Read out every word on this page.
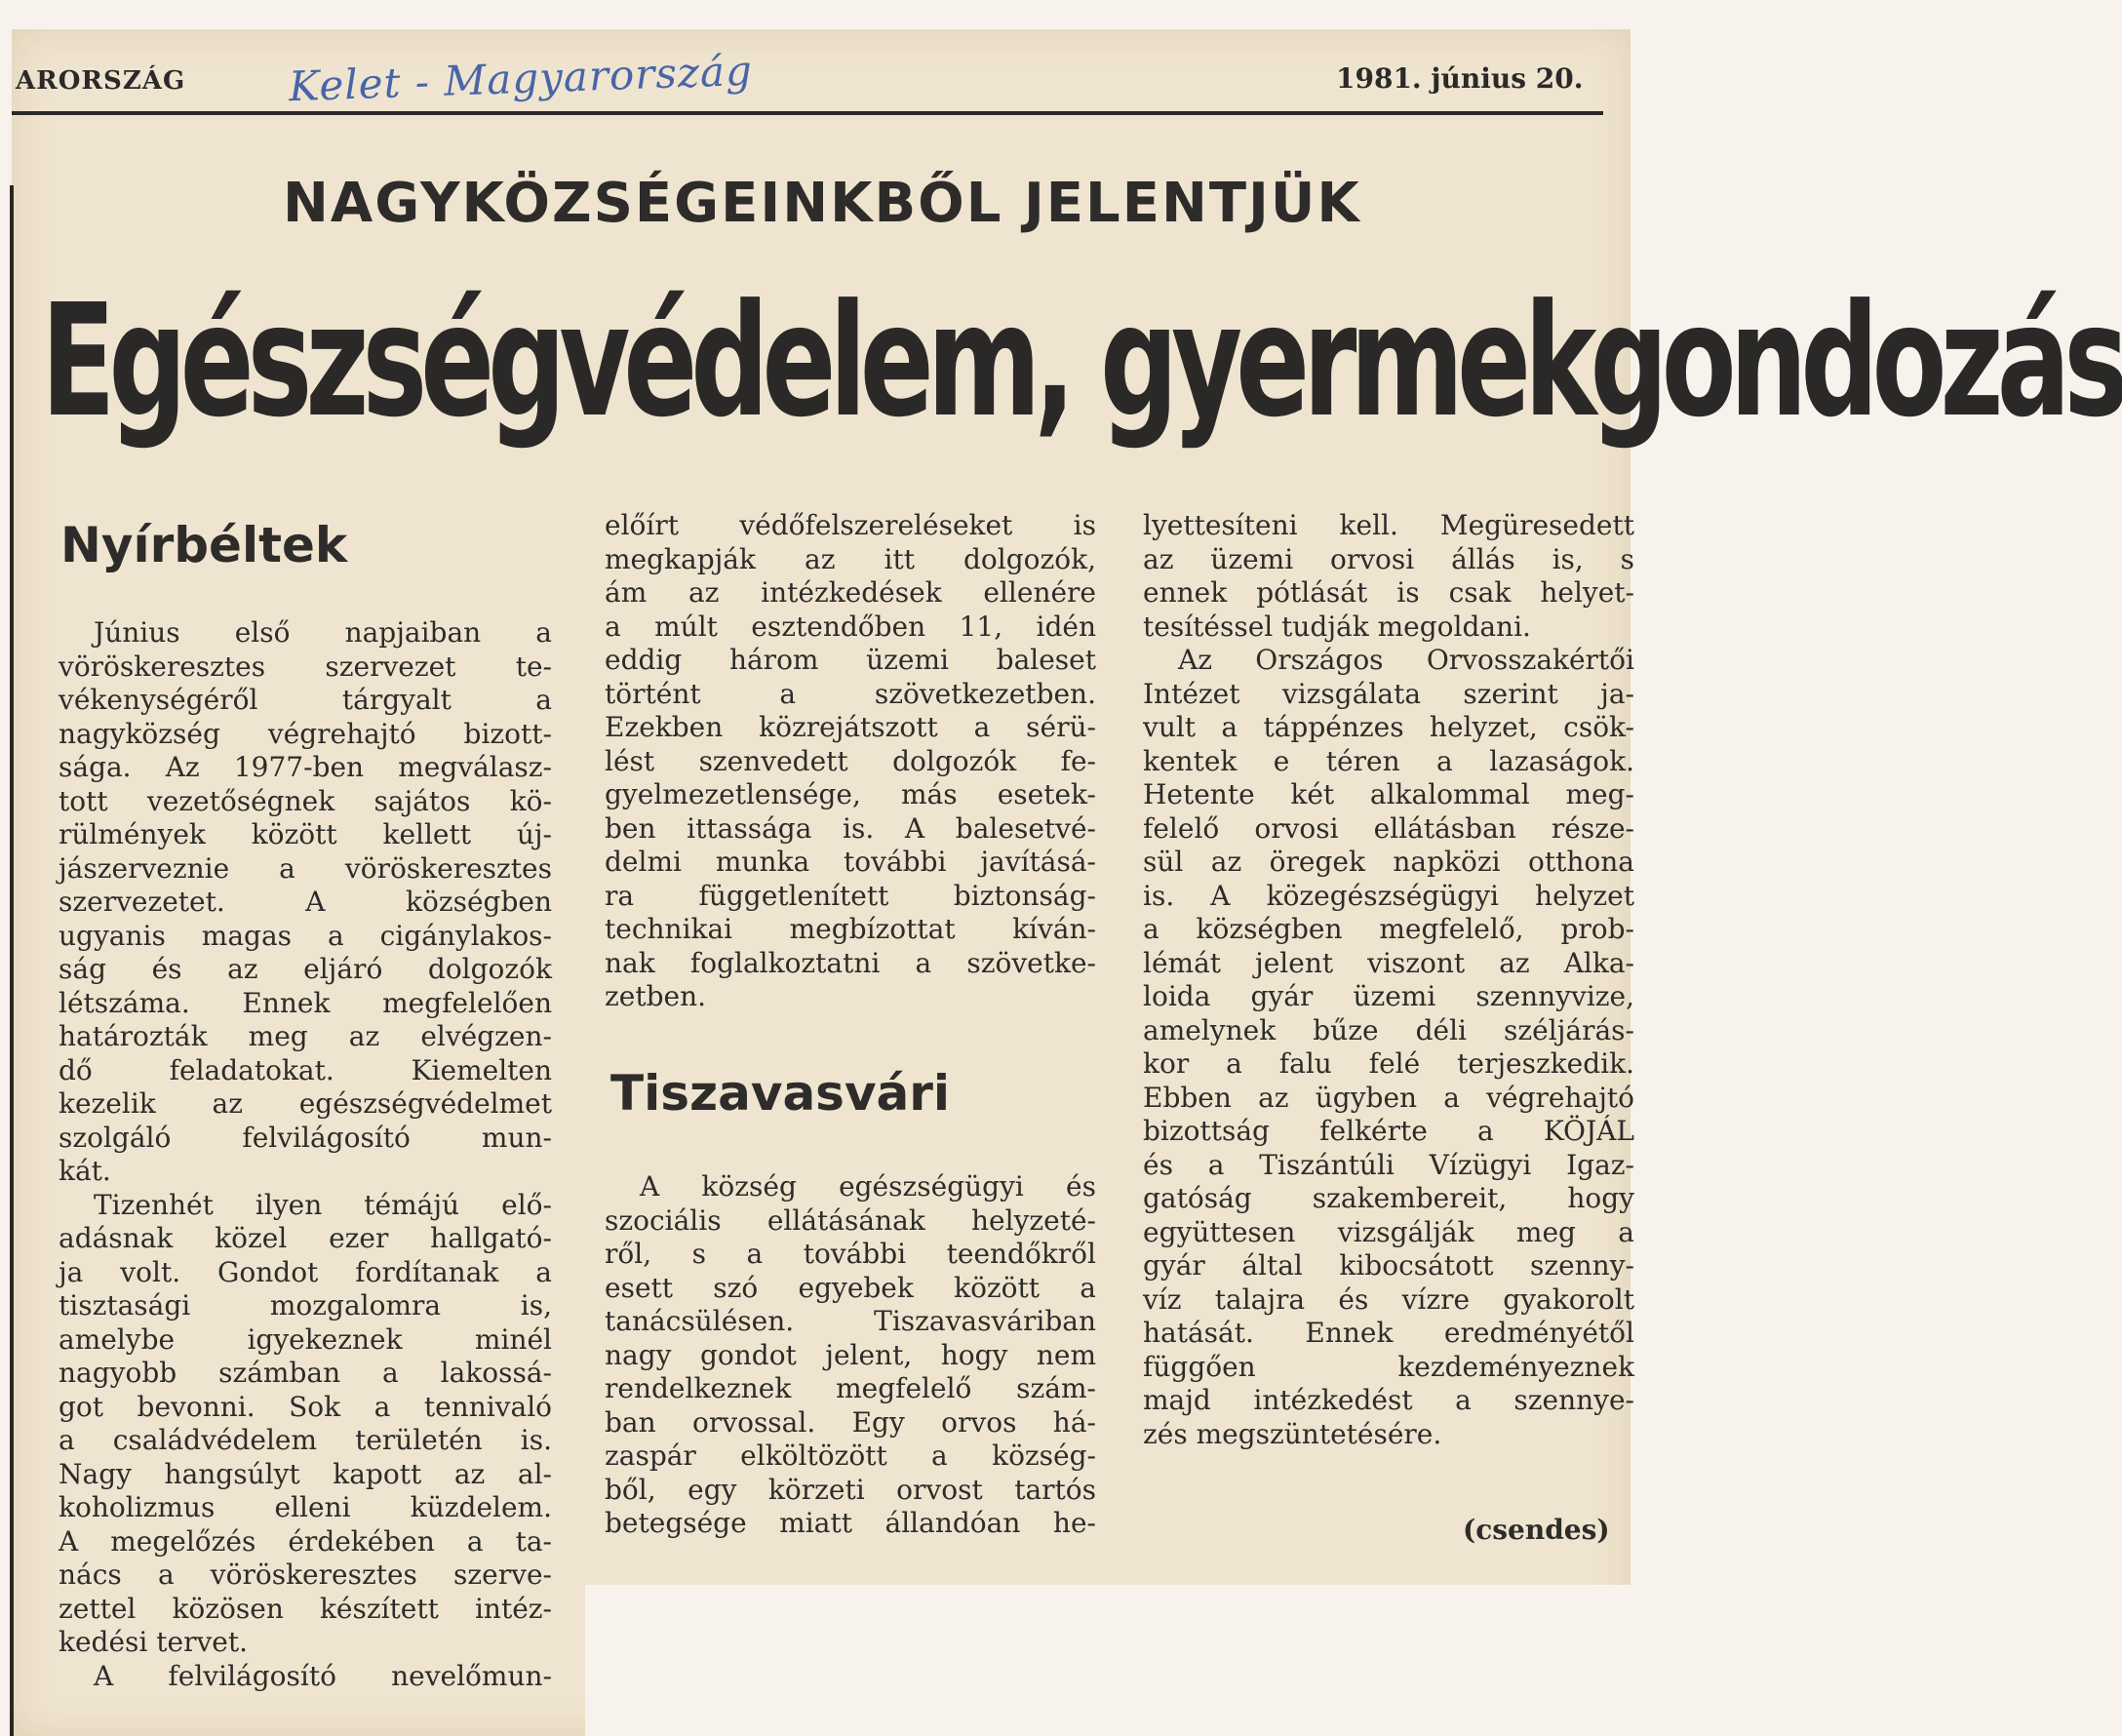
ARORSZÁG	Kelet - Magyarország	1981. június 20.
NAGYKÖZSÉGEINKBŐL JELENTJÜK
Egészségvédelem, gyermekgondozás
Nyírbéltek
Tiszavasvári

Június első napjaiban a
vöröskeresztes szervezet te-
vékenységéről tárgyalt a
nagyközség végrehajtó bizott-
sága. Az 1977-ben megválasz-
tott vezetőségnek sajátos kö-
rülmények között kellett új-
jászerveznie a vöröskeresztes
szervezetet. A községben
ugyanis magas a cigánylakos-
ság és az eljáró dolgozók
létszáma. Ennek megfelelően
határozták meg az elvégzen-
dő feladatokat. Kiemelten
kezelik az egészségvédelmet
szolgáló felvilágosító mun-
kát.
Tizenhét ilyen témájú elő-
adásnak közel ezer hallgató-
ja volt. Gondot fordítanak a
tisztasági mozgalomra is,
amelybe igyekeznek minél
nagyobb számban a lakossá-
got bevonni. Sok a tennivaló
a családvédelem területén is.
Nagy hangsúlyt kapott az al-
koholizmus elleni küzdelem.
A megelőzés érdekében a ta-
nács a vöröskeresztes szerve-
zettel közösen készített intéz-
kedési tervet.
A felvilágosító nevelőmun-

előírt védőfelszereléseket is
megkapják az itt dolgozók,
ám az intézkedések ellenére
a múlt esztendőben 11, idén
eddig három üzemi baleset
történt a szövetkezetben.
Ezekben közrejátszott a sérü-
lést szenvedett dolgozók fe-
gyelmezetlensége, más esetek-
ben ittassága is. A balesetvé-
delmi munka további javításá-
ra függetlenített biztonság-
technikai megbízottat kíván-
nak foglalkoztatni a szövetke-
zetben.

A község egészségügyi és
szociális ellátásának helyzeté-
ről, s a további teendőkről
esett szó egyebek között a
tanácsülésen. Tiszavasváriban
nagy gondot jelent, hogy nem
rendelkeznek megfelelő szám-
ban orvossal. Egy orvos há-
zaspár elköltözött a község-
ből, egy körzeti orvost tartós
betegsége miatt állandóan he-

lyettesíteni kell. Megüresedett
az üzemi orvosi állás is, s
ennek pótlását is csak helyet-
tesítéssel tudják megoldani.
Az Országos Orvosszakértői
Intézet vizsgálata szerint ja-
vult a táppénzes helyzet, csök-
kentek e téren a lazaságok.
Hetente két alkalommal meg-
felelő orvosi ellátásban része-
sül az öregek napközi otthona
is. A közegészségügyi helyzet
a községben megfelelő, prob-
lémát jelent viszont az Alka-
loida gyár üzemi szennyvize,
amelynek bűze déli széljárás-
kor a falu felé terjeszkedik.
Ebben az ügyben a végrehajtó
bizottság felkérte a KÖJÁL
és a Tiszántúli Vízügyi Igaz-
gatóság szakembereit, hogy
együttesen vizsgálják meg a
gyár által kibocsátott szenny-
víz talajra és vízre gyakorolt
hatását. Ennek eredményétől
függően kezdeményeznek
majd intézkedést a szennye-
zés megszüntetésére.

(csendes)
